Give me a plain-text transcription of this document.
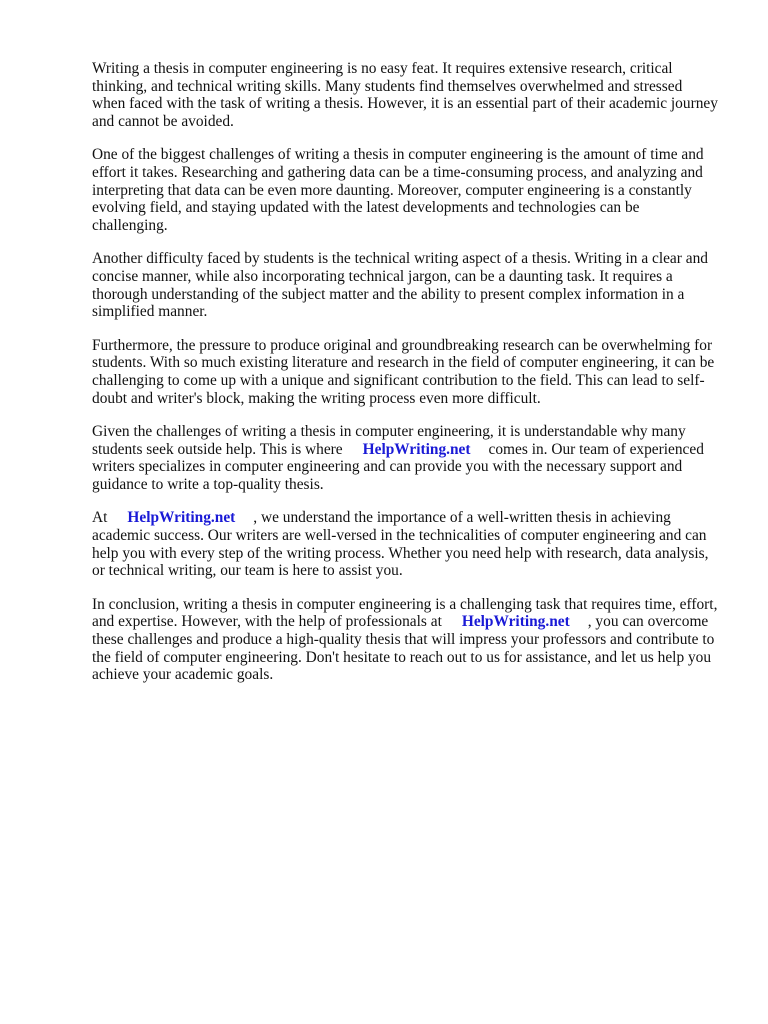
Writing a thesis in computer engineering is no easy feat. It requires extensive research, critical thinking, and technical writing skills. Many students find themselves overwhelmed and stressed when faced with the task of writing a thesis. However, it is an essential part of their academic journey and cannot be avoided.

One of the biggest challenges of writing a thesis in computer engineering is the amount of time and effort it takes. Researching and gathering data can be a time-consuming process, and analyzing and interpreting that data can be even more daunting. Moreover, computer engineering is a constantly evolving field, and staying updated with the latest developments and technologies can be challenging.

Another difficulty faced by students is the technical writing aspect of a thesis. Writing in a clear and concise manner, while also incorporating technical jargon, can be a daunting task. It requires a thorough understanding of the subject matter and the ability to present complex information in a simplified manner.

Furthermore, the pressure to produce original and groundbreaking research can be overwhelming for students. With so much existing literature and research in the field of computer engineering, it can be challenging to come up with a unique and significant contribution to the field. This can lead to self-doubt and writer's block, making the writing process even more difficult.

Given the challenges of writing a thesis in computer engineering, it is understandable why many students seek outside help. This is where HelpWriting.net comes in. Our team of experienced writers specializes in computer engineering and can provide you with the necessary support and guidance to write a top-quality thesis.

At HelpWriting.net , we understand the importance of a well-written thesis in achieving academic success. Our writers are well-versed in the technicalities of computer engineering and can help you with every step of the writing process. Whether you need help with research, data analysis, or technical writing, our team is here to assist you.

In conclusion, writing a thesis in computer engineering is a challenging task that requires time, effort, and expertise. However, with the help of professionals at HelpWriting.net , you can overcome these challenges and produce a high-quality thesis that will impress your professors and contribute to the field of computer engineering. Don't hesitate to reach out to us for assistance, and let us help you achieve your academic goals.
